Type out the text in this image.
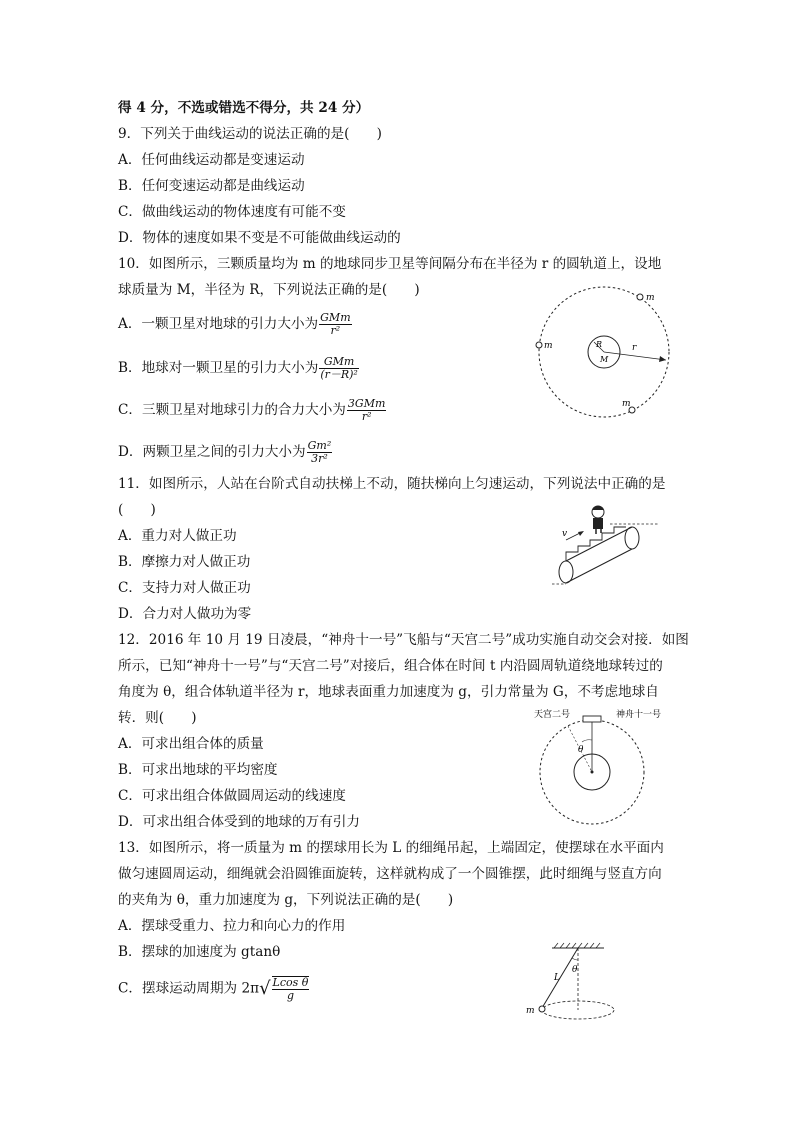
得 4 分，不选或错选不得分，共 24 分）
9．下列关于曲线运动的说法正确的是(　　)
A．任何曲线运动都是变速运动
B．任何变速运动都是曲线运动
C．做曲线运动的物体速度有可能不变
D．物体的速度如果不变是不可能做曲线运动的
10．如图所示，三颗质量均为 m 的地球同步卫星等间隔分布在半径为 r 的圆轨道上，设地
球质量为 M，半径为 R，下列说法正确的是(　　)
A．一颗卫星对地球的引力大小为 $\frac{\text{GMm}}{\text{r²}}$
B．地球对一颗卫星的引力大小为 $\frac{\text{GMm}}{\text{(r－R)²}}$
C．三颗卫星对地球引力的合力大小为 $\frac{\text{3GMm}}{\text{r²}}$
D．两颗卫星之间的引力大小为 $\frac{\text{Gm²}}{\text{3r²}}$
m
m
m
R
M
r
11．如图所示，人站在台阶式自动扶梯上不动，随扶梯向上匀速运动，下列说法中正确的是
(　　)
A．重力对人做正功
B．摩擦力对人做正功
C．支持力对人做正功
D．合力对人做功为零
v
12．2016 年 10 月 19 日凌晨，“神舟十一号”飞船与“天宫二号”成功实施自动交会对接．如图
所示，已知“神舟十一号”与“天宫二号”对接后，组合体在时间 t 内沿圆周轨道绕地球转过的
角度为 θ，组合体轨道半径为 r，地球表面重力加速度为 g，引力常量为 G，不考虑地球自
转．则(　　)
A．可求出组合体的质量
B．可求出地球的平均密度
C．可求出组合体做圆周运动的线速度
D．可求出组合体受到的地球的万有引力
天宫二号	神舟十一号
θ
13．如图所示，将一质量为 m 的摆球用长为 L 的细绳吊起，上端固定，使摆球在水平面内
做匀速圆周运动，细绳就会沿圆锥面旋转，这样就构成了一个圆锥摆，此时细绳与竖直方向
的夹角为 θ，重力加速度为 g，下列说法正确的是(　　)
A．摆球受重力、拉力和向心力的作用
B．摆球的加速度为 gtanθ
C．摆球运动周期为 $2\pi√ \frac{\text{Lcos θ}}{g}$	L
θ
m
